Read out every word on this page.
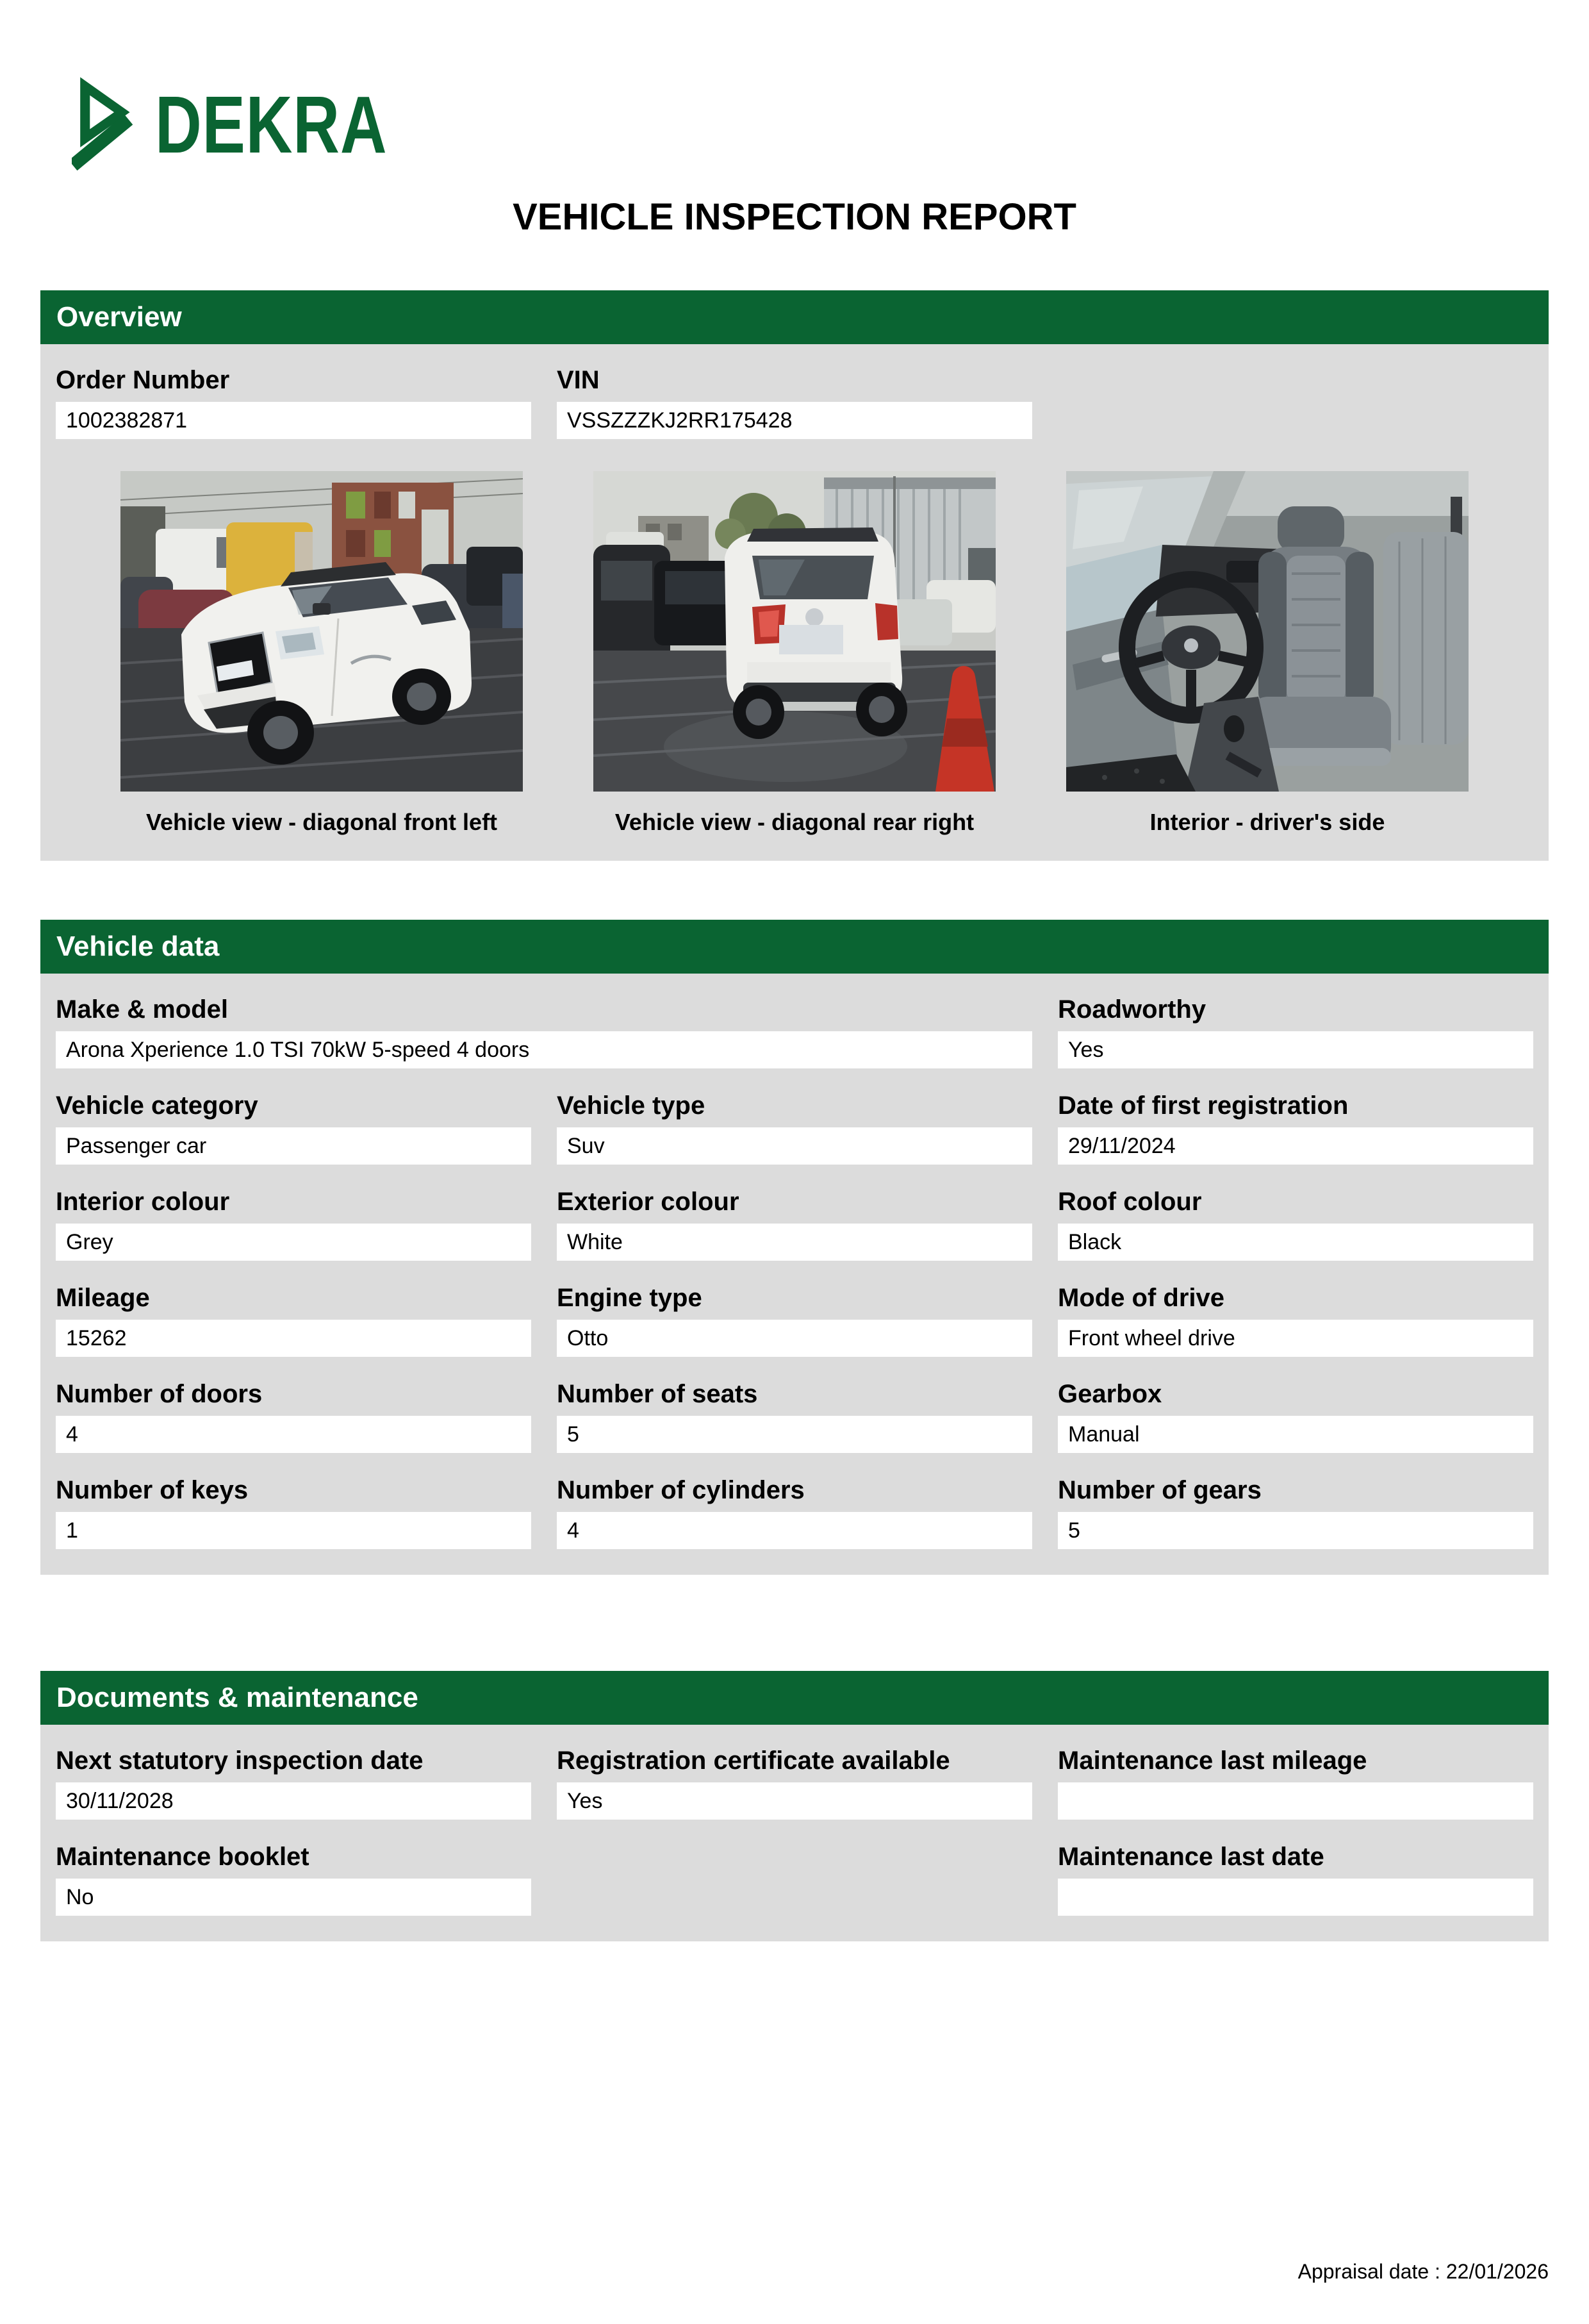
DEKRA
VEHICLE INSPECTION REPORT
Overview
Order Number
1002382871
VIN
VSSZZZKJ2RR175428
Vehicle view - diagonal front left	Vehicle view - diagonal rear right	Interior - driver's side
Vehicle data
Make & model
Arona Xperience 1.0 TSI 70kW 5-speed 4 doors
Roadworthy
Yes
Vehicle category
Passenger car
Vehicle type
Suv
Date of first registration
29/11/2024
Interior colour
Grey
Exterior colour
White
Roof colour
Black
Mileage
15262
Engine type
Otto
Mode of drive
Front wheel drive
Number of doors
4
Number of seats
5
Gearbox
Manual
Number of keys
1
Number of cylinders
4
Number of gears
5
Documents & maintenance
Next statutory inspection date
30/11/2028
Registration certificate available
Yes
Maintenance last mileage
Maintenance booklet
No
Maintenance last date
Appraisal date : 22/01/2026
